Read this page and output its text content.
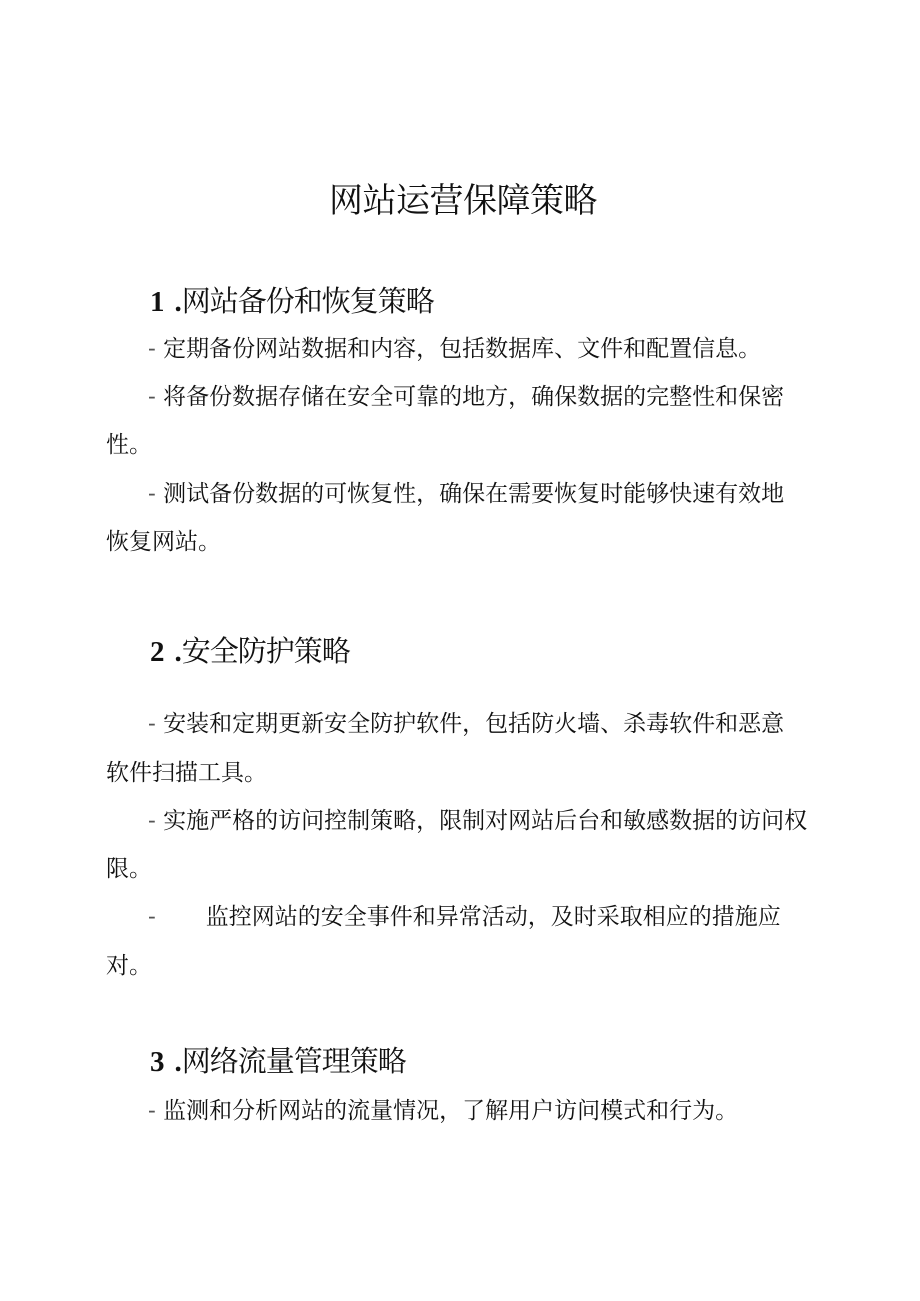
网站运营保障策略
1 .网站备份和恢复策略

- 定期备份网站数据和内容，包括数据库、文件和配置信息。

- 将备份数据存储在安全可靠的地方，确保数据的完整性和保密

性。

- 测试备份数据的可恢复性，确保在需要恢复时能够快速有效地

恢复网站。

2 .安全防护策略

- 安装和定期更新安全防护软件，包括防火墙、杀毒软件和恶意

软件扫描工具。

- 实施严格的访问控制策略，限制对网站后台和敏感数据的访问权

限。

- 监控网站的安全事件和异常活动，及时采取相应的措施应

对。

3 .网络流量管理策略

- 监测和分析网站的流量情况，了解用户访问模式和行为。
